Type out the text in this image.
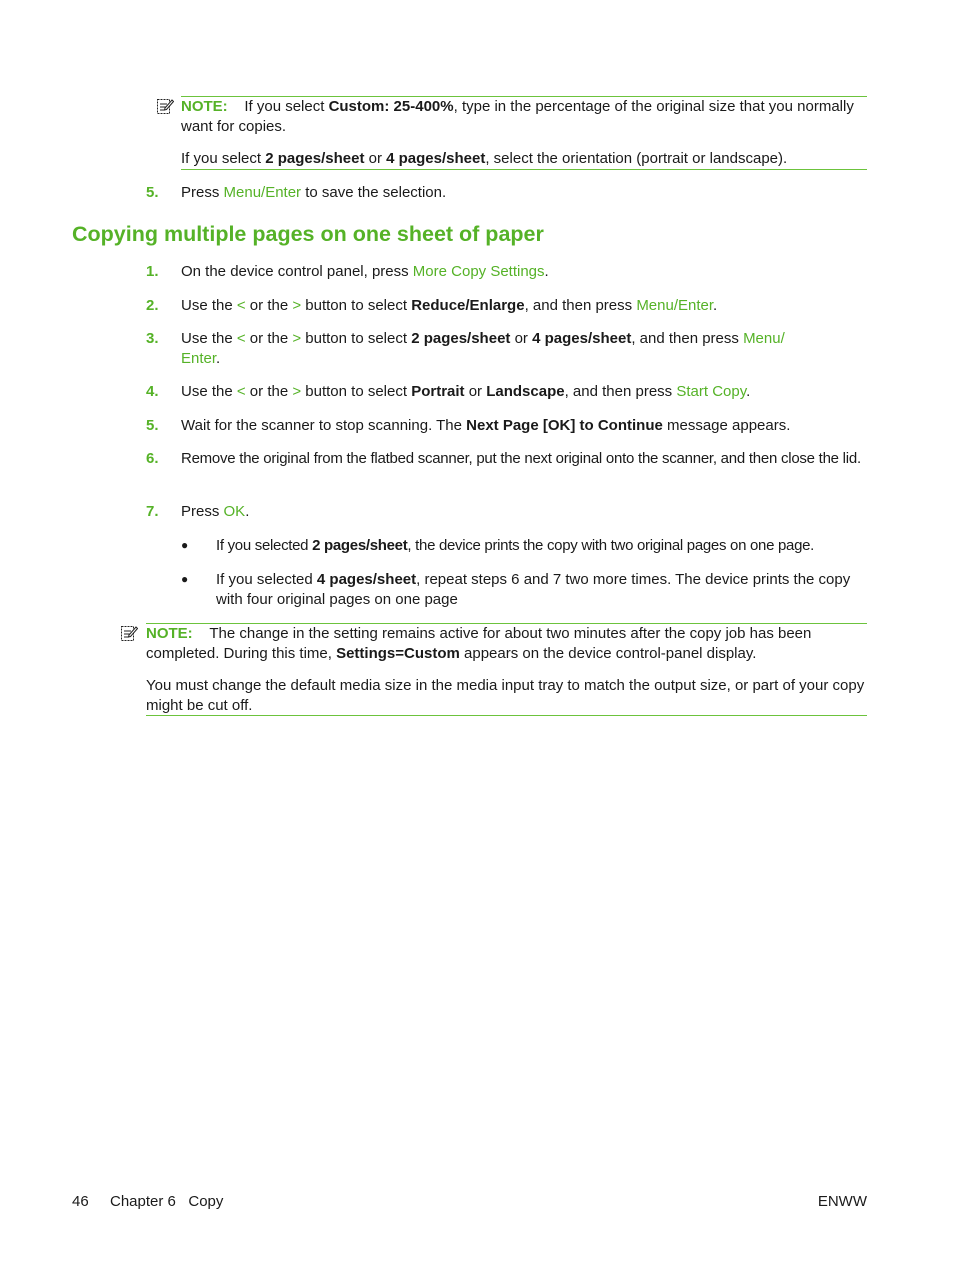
NOTE: If you select Custom: 25-400%, type in the percentage of the original size that you normally want for copies.

If you select 2 pages/sheet or 4 pages/sheet, select the orientation (portrait or landscape).

5. Press Menu/Enter to save the selection.
Copying multiple pages on one sheet of paper
1. On the device control panel, press More Copy Settings.
2. Use the < or the > button to select Reduce/Enlarge, and then press Menu/Enter.
3. Use the < or the > button to select 2 pages/sheet or 4 pages/sheet, and then press Menu/
Enter.
4. Use the < or the > button to select Portrait or Landscape, and then press Start Copy.
5. Wait for the scanner to stop scanning. The Next Page [OK] to Continue message appears.
6. Remove the original from the flatbed scanner, put the next original onto the scanner, and then close the lid.
7. Press OK.
● If you selected 2 pages/sheet, the device prints the copy with two original pages on one page.
● If you selected 4 pages/sheet, repeat steps 6 and 7 two more times. The device prints the copy with four original pages on one page

NOTE: The change in the setting remains active for about two minutes after the copy job has been completed. During this time, Settings=Custom appears on the device control-panel display.

You must change the default media size in the media input tray to match the output size, or part of your copy might be cut off.

46 Chapter 6   Copy	ENWW
